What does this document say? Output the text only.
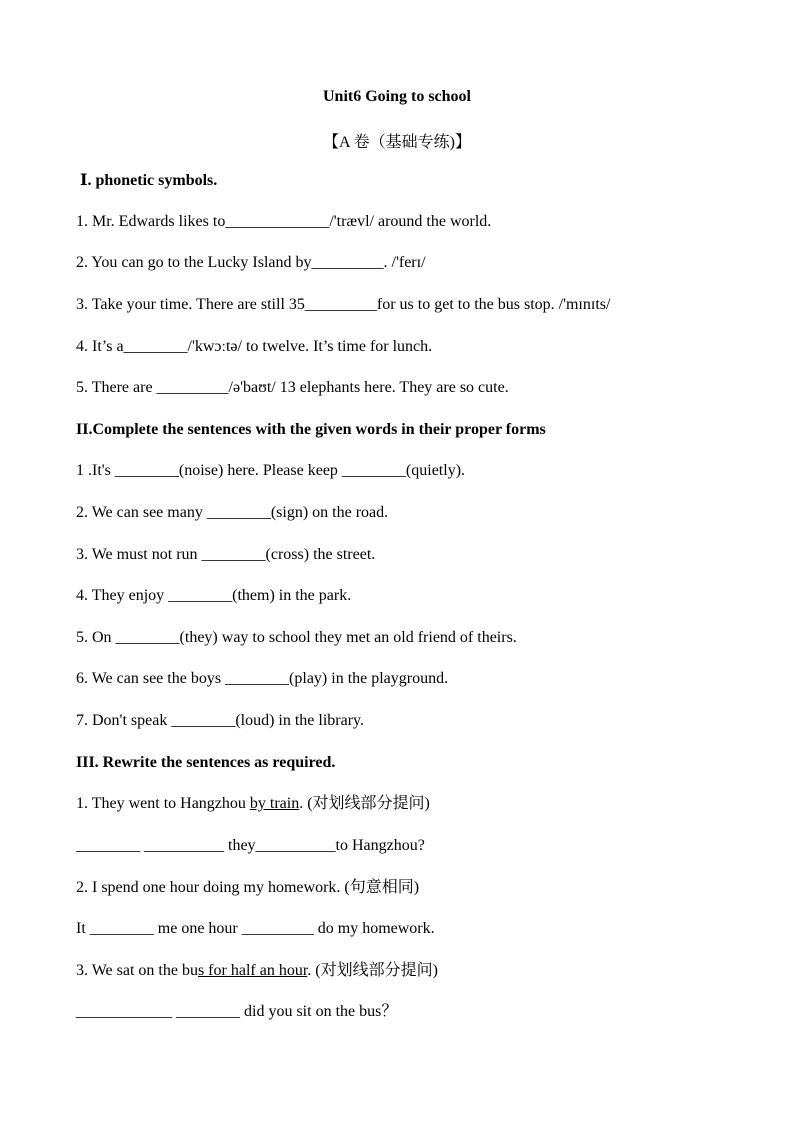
Unit6 Going to school
【A 卷（基础专练)】
Ⅰ. phonetic symbols.
1. Mr. Edwards likes to_____________/'trævl/ around the world.
2. You can go to the Lucky Island by_________. /'ferɪ/
3. Take your time. There are still 35_________for us to get to the bus stop. /'mɪnɪts/
4. It’s a________/'kwɔːtə/ to twelve. It’s time for lunch.
5. There are _________/ə'baʊt/ 13 elephants here. They are so cute.
II.Complete the sentences with the given words in their proper forms
1 .It's ________(noise) here. Please keep ________(quietly).
2. We can see many ________(sign) on the road.
3. We must not run ________(cross) the street.
4. They enjoy ________(them) in the park.
5. On ________(they) way to school they met an old friend of theirs.
6. We can see the boys ________(play) in the playground.
7. Don't speak ________(loud) in the library.
III. Rewrite the sentences as required.
1. They went to Hangzhou by train. (对划线部分提问)
________ __________ they__________to Hangzhou?
2. I spend one hour doing my homework. (句意相同)
It ________ me one hour _________ do my homework.
3. We sat on the bus for half an hour. (对划线部分提问)
____________ ________ did you sit on the bus？
